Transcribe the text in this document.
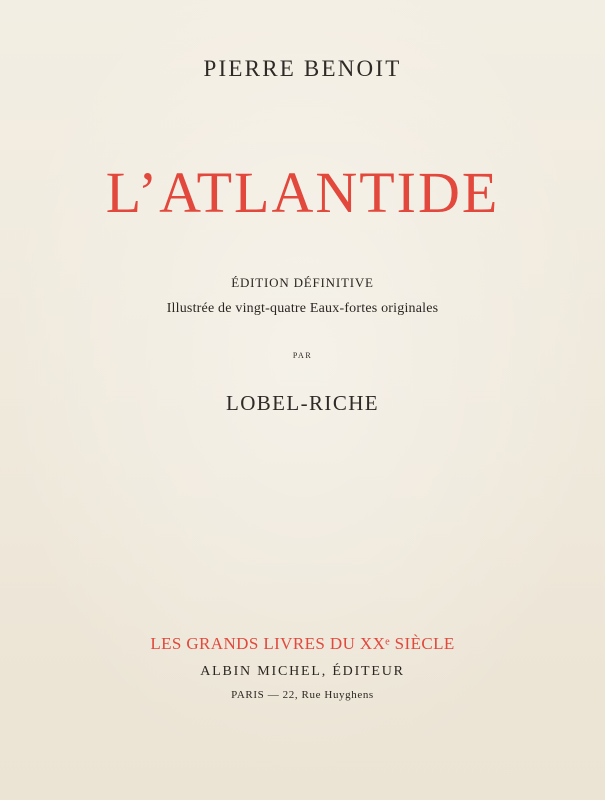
PIERRE BENOIT
L’ATLANTIDE
ÉDITION DÉFINITIVE
Illustrée de vingt-quatre Eaux-fortes originales
PAR
LOBEL-RICHE
LES GRANDS LIVRES DU XXᵉ SIÈCLE
ALBIN MICHEL, ÉDITEUR
PARIS — 22, Rue Huyghens
